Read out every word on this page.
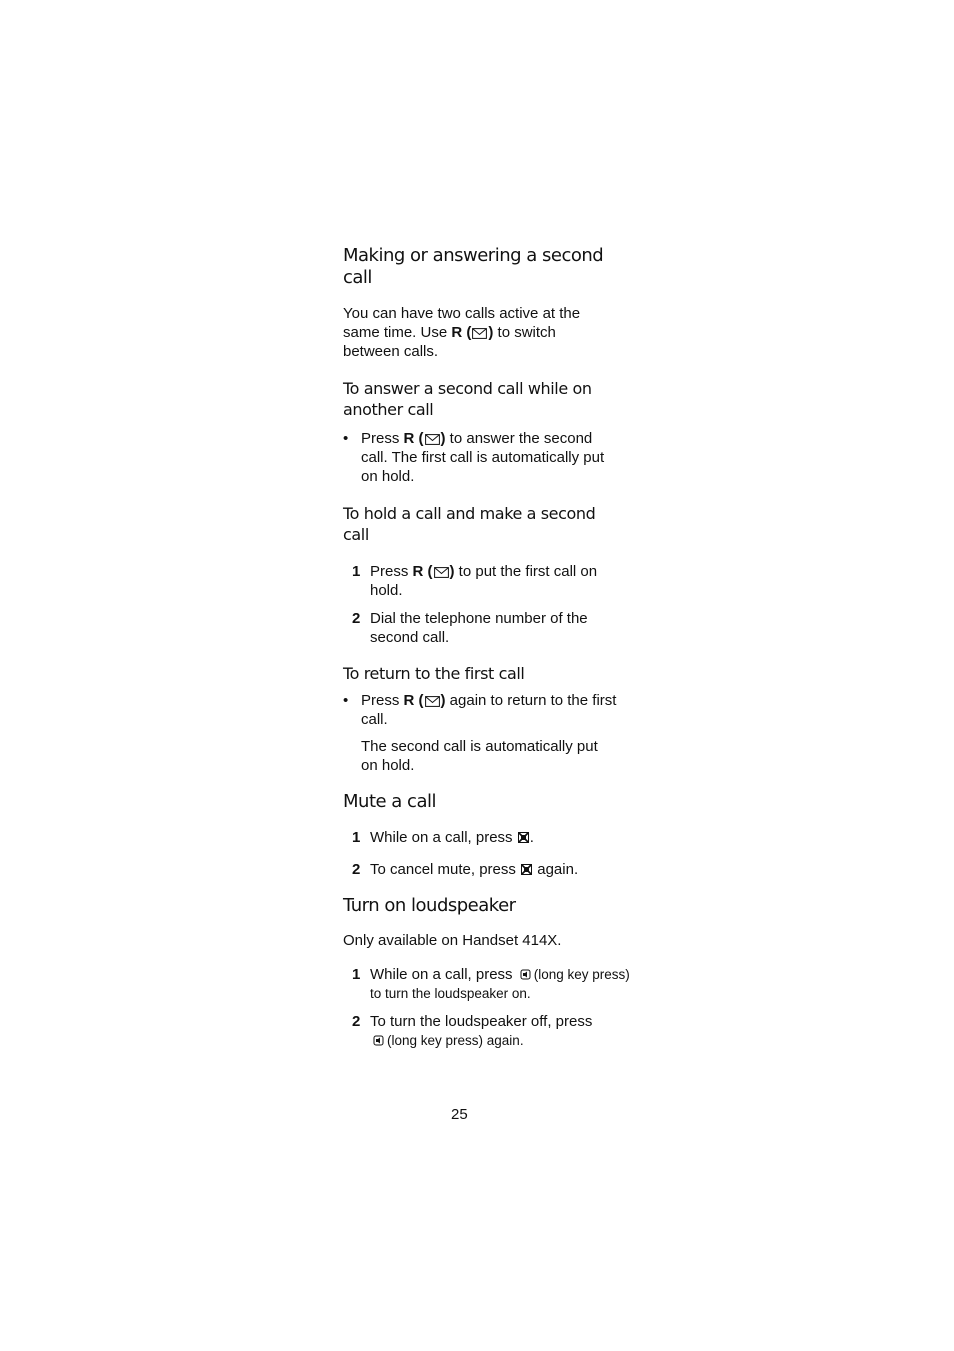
Making or answering a second call

You can have two calls active at the same time. Use R ( ) to switch between calls.

To answer a second call while on another call
• Press R ( ) to answer the second call. The first call is automatically put on hold.
To hold a call and make a second call
1 Press R ( ) to put the first call on hold.
2 Dial the telephone number of the second call.
To return to the first call
• Press R ( ) again to return to the first call.

The second call is automatically put on hold.

Mute a call
1 While on a call, press .
2 To cancel mute, press  again.
Turn on loudspeaker

Only available on Handset 414X.

1 While on a call, press (long key press) to turn the loudspeaker on.
2 To turn the loudspeaker off, press
(long key press) again.
25
